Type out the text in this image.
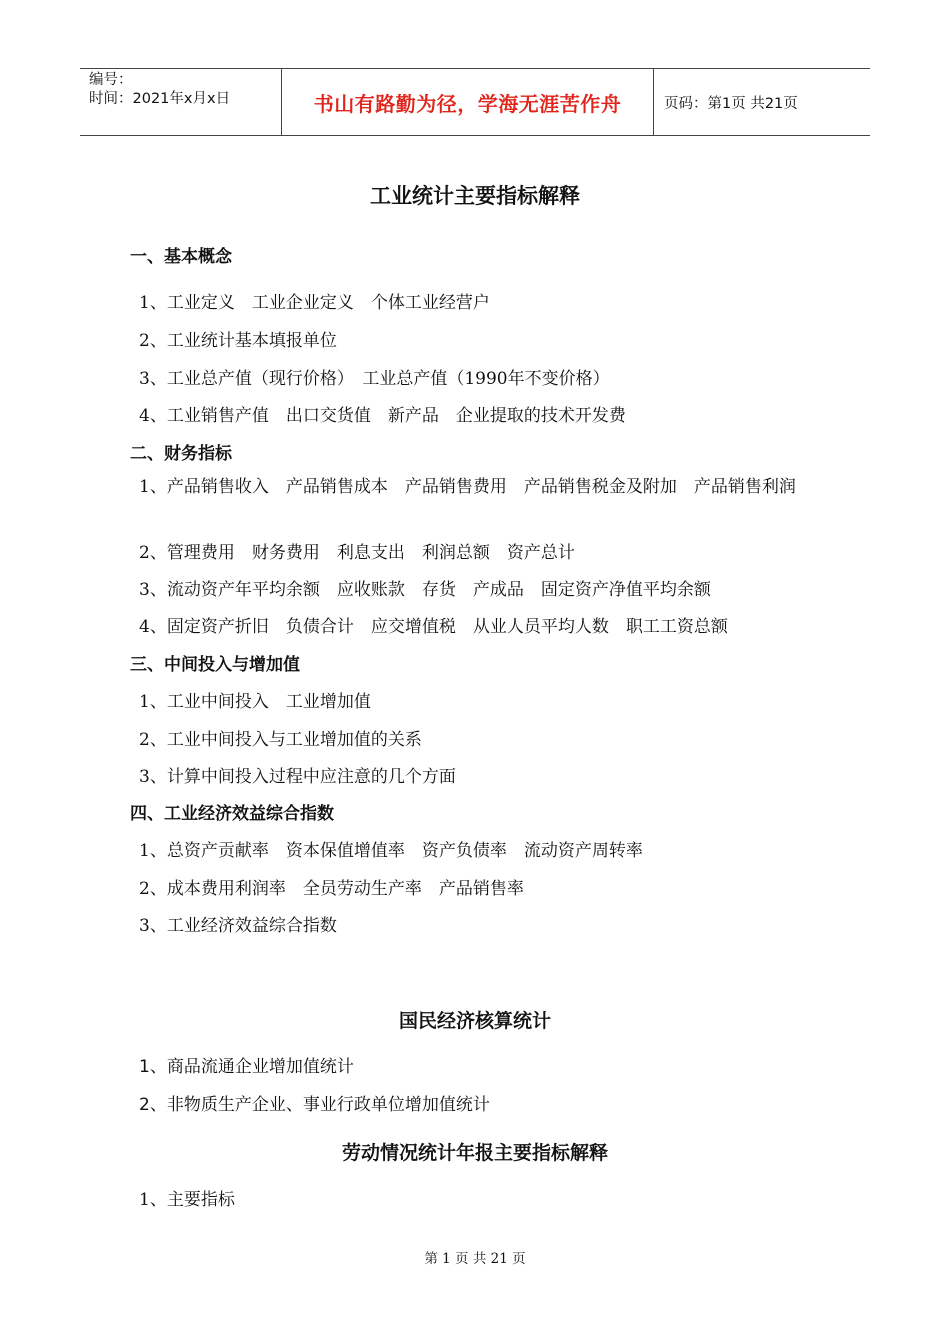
编号：
时间：2021年x月x日	书山有路勤为径，学海无涯苦作舟	页码：第1页 共21页
工业统计主要指标解释
一、基本概念
1、工业定义　工业企业定义　个体工业经营户
2、工业统计基本填报单位
3、工业总产值（现行价格）　工业总产值（1990年不变价格）
4、工业销售产值　出口交货值　新产品　企业提取的技术开发费
二、财务指标
1、产品销售收入　产品销售成本　产品销售费用　产品销售税金及附加　产品销售利润
2、管理费用　财务费用　利息支出　利润总额　资产总计
3、流动资产年平均余额　应收账款　存货　产成品　固定资产净值平均余额
4、固定资产折旧　负债合计　应交增值税　从业人员平均人数　职工工资总额
三、中间投入与增加值
1、工业中间投入　工业增加值
2、工业中间投入与工业增加值的关系
3、计算中间投入过程中应注意的几个方面
四、工业经济效益综合指数
1、总资产贡献率　资本保值增值率　资产负债率　流动资产周转率
2、成本费用利润率　全员劳动生产率　产品销售率
3、工业经济效益综合指数
国民经济核算统计
1、商品流通企业增加值统计
2、非物质生产企业、事业行政单位增加值统计
劳动情况统计年报主要指标解释
1、主要指标
第 1 页 共 21 页
